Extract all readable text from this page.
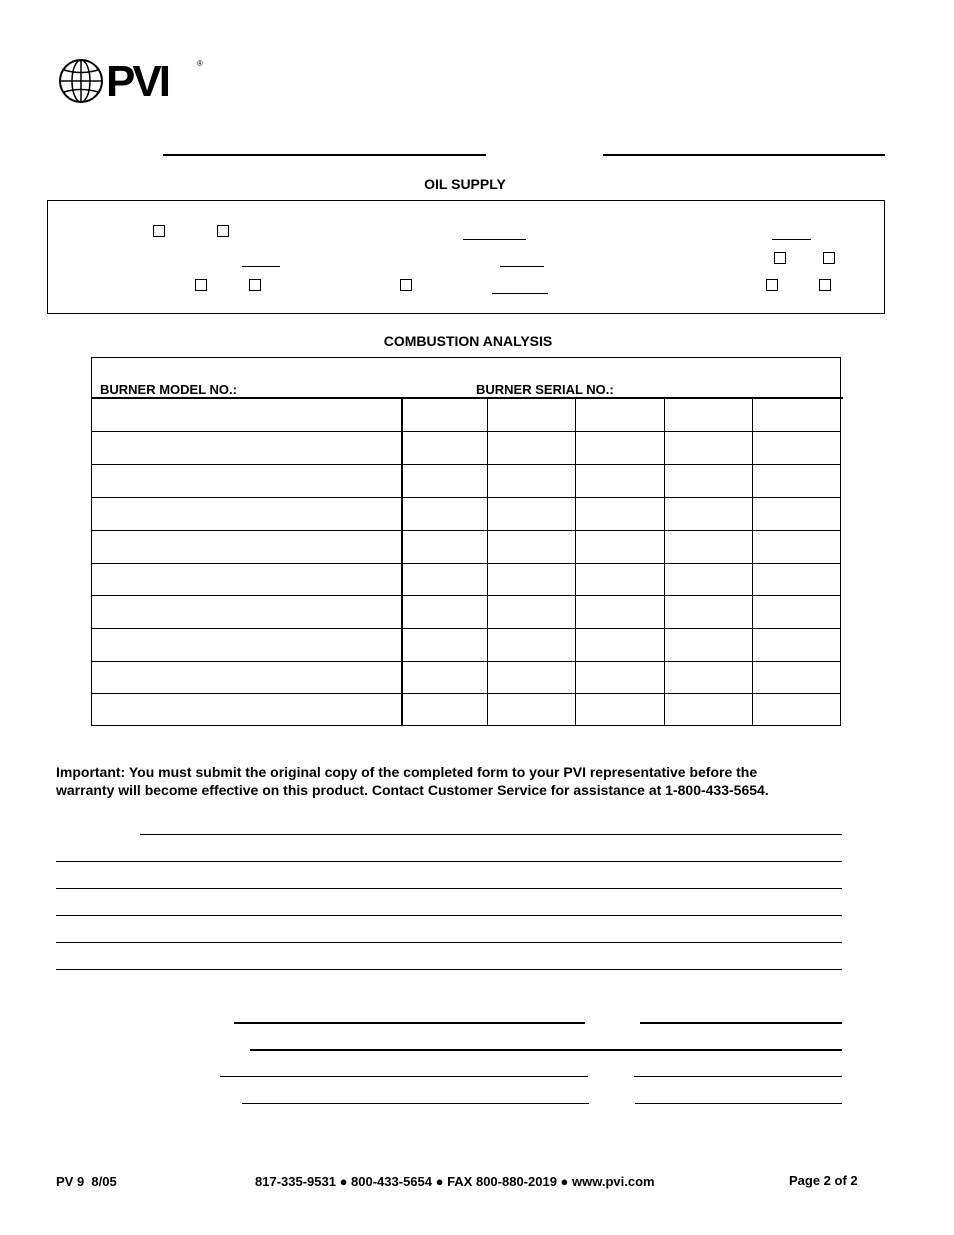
PVI	®
OIL SUPPLY
COMBUSTION ANALYSIS
BURNER MODEL NO.:	BURNER SERIAL NO.:
Important: You must submit the original copy of the completed form to your PVI representative before the
warranty will become effective on this product. Contact Customer Service for assistance at 1-800-433-5654.
PV 9  8/05	817-335-9531 ● 800-433-5654 ● FAX 800-880-2019 ● www.pvi.com	Page 2 of 2
